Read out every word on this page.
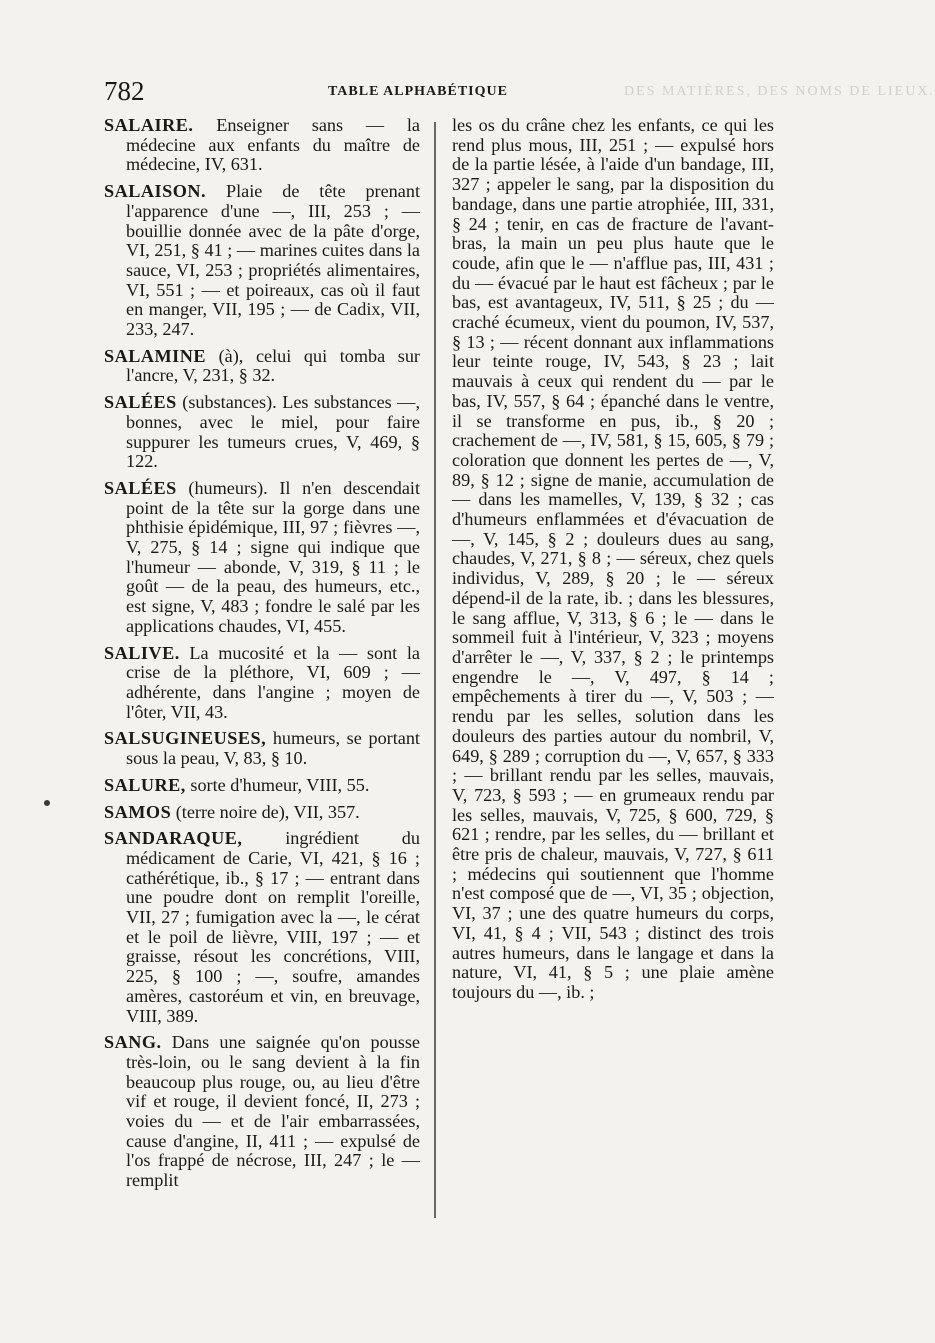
782	TABLE ALPHABÉTIQUE	DES MATIÈRES, DES NOMS DE LIEUX.

SALAIRE. Enseigner sans — la médecine aux enfants du maître de médecine, IV, 631.

SALAISON. Plaie de tête prenant l'apparence d'une —, III, 253 ; — bouillie donnée avec de la pâte d'orge, VI, 251, § 41 ; — marines cuites dans la sauce, VI, 253 ; propriétés alimentaires, VI, 551 ; — et poireaux, cas où il faut en manger, VII, 195 ; — de Cadix, VII, 233, 247.

SALAMINE (à), celui qui tomba sur l'ancre, V, 231, § 32.

SALÉES (substances). Les substances —, bonnes, avec le miel, pour faire suppurer les tumeurs crues, V, 469, § 122.

SALÉES (humeurs). Il n'en descendait point de la tête sur la gorge dans une phthisie épidémique, III, 97 ; fièvres —, V, 275, § 14 ; signe qui indique que l'humeur — abonde, V, 319, § 11 ; le goût — de la peau, des humeurs, etc., est signe, V, 483 ; fondre le salé par les applications chaudes, VI, 455.

SALIVE. La mucosité et la — sont la crise de la pléthore, VI, 609 ; — adhérente, dans l'angine ; moyen de l'ôter, VII, 43.

SALSUGINEUSES, humeurs, se portant sous la peau, V, 83, § 10.

SALURE, sorte d'humeur, VIII, 55.

SAMOS (terre noire de), VII, 357.

SANDARAQUE, ingrédient du médicament de Carie, VI, 421, § 16 ; cathérétique, ib., § 17 ; — entrant dans une poudre dont on remplit l'oreille, VII, 27 ; fumigation avec la —, le cérat et le poil de lièvre, VIII, 197 ; — et graisse, résout les concrétions, VIII, 225, § 100 ; —, soufre, amandes amères, castoréum et vin, en breuvage, VIII, 389.

SANG. Dans une saignée qu'on pousse très-loin, ou le sang devient à la fin beaucoup plus rouge, ou, au lieu d'être vif et rouge, il devient foncé, II, 273 ; voies du — et de l'air embarrassées, cause d'angine, II, 411 ; — expulsé de l'os frappé de nécrose, III, 247 ; le — remplit

les os du crâne chez les enfants, ce qui les rend plus mous, III, 251 ; — expulsé hors de la partie lésée, à l'aide d'un bandage, III, 327 ; appeler le sang, par la disposition du bandage, dans une partie atrophiée, III, 331, § 24 ; tenir, en cas de fracture de l'avant-bras, la main un peu plus haute que le coude, afin que le — n'afflue pas, III, 431 ; du — évacué par le haut est fâcheux ; par le bas, est avantageux, IV, 511, § 25 ; du — craché écumeux, vient du poumon, IV, 537, § 13 ; — récent donnant aux inflammations leur teinte rouge, IV, 543, § 23 ; lait mauvais à ceux qui rendent du — par le bas, IV, 557, § 64 ; épanché dans le ventre, il se transforme en pus, ib., § 20 ; crachement de —, IV, 581, § 15, 605, § 79 ; coloration que donnent les pertes de —, V, 89, § 12 ; signe de manie, accumulation de — dans les mamelles, V, 139, § 32 ; cas d'humeurs enflammées et d'évacuation de —, V, 145, § 2 ; douleurs dues au sang, chaudes, V, 271, § 8 ; — séreux, chez quels individus, V, 289, § 20 ; le — séreux dépend-il de la rate, ib. ; dans les blessures, le sang afflue, V, 313, § 6 ; le — dans le sommeil fuit à l'intérieur, V, 323 ; moyens d'arrêter le —, V, 337, § 2 ; le printemps engendre le —, V, 497, § 14 ; empêchements à tirer du —, V, 503 ; — rendu par les selles, solution dans les douleurs des parties autour du nombril, V, 649, § 289 ; corruption du —, V, 657, § 333 ; — brillant rendu par les selles, mauvais, V, 723, § 593 ; — en grumeaux rendu par les selles, mauvais, V, 725, § 600, 729, § 621 ; rendre, par les selles, du — brillant et être pris de chaleur, mauvais, V, 727, § 611 ; médecins qui soutiennent que l'homme n'est composé que de —, VI, 35 ; objection, VI, 37 ; une des quatre humeurs du corps, VI, 41, § 4 ; VII, 543 ; distinct des trois autres humeurs, dans le langage et dans la nature, VI, 41, § 5 ; une plaie amène toujours du —, ib. ;
